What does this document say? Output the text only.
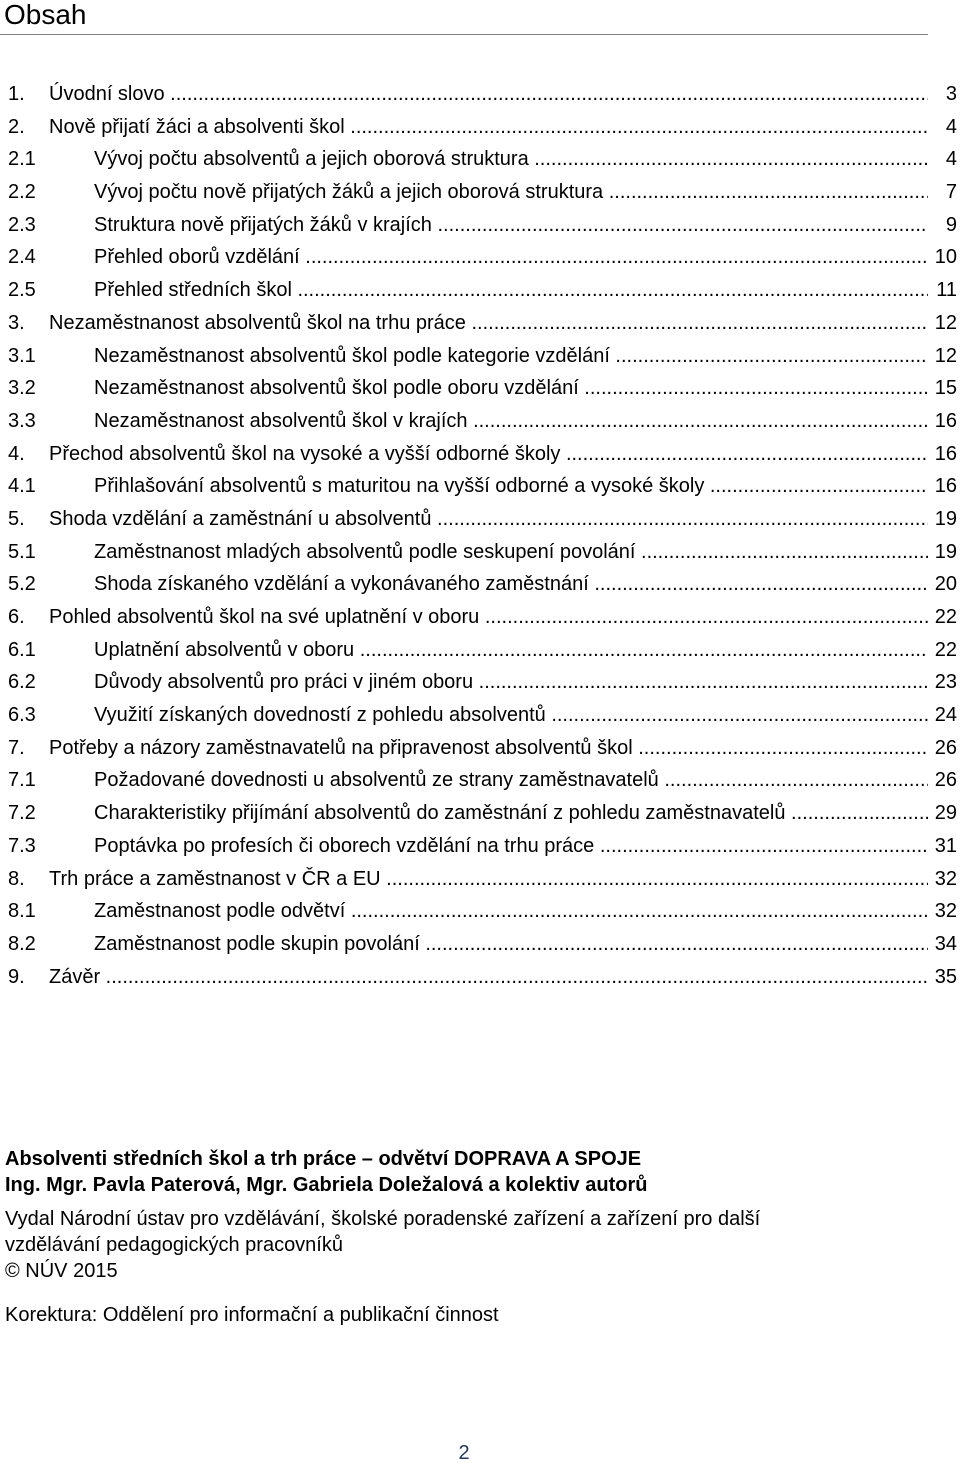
Obsah
1. Úvodní slovo .....	3
2. Nově přijatí žáci a absolventi škol .....	4
2.1	Vývoj počtu absolventů a jejich oborová struktura .....	4
2.2	Vývoj počtu nově přijatých žáků a jejich oborová struktura .....	7
2.3	Struktura nově přijatých žáků v krajích .....	9
2.4	Přehled oborů vzdělání .....	10
2.5	Přehled středních škol .....	11
3. Nezaměstnanost absolventů škol na trhu práce .....	12
3.1	Nezaměstnanost absolventů škol podle kategorie vzdělání .....	12
3.2	Nezaměstnanost absolventů škol podle oboru vzdělání .....	15
3.3	Nezaměstnanost absolventů škol v krajích .....	16
4. Přechod absolventů škol na vysoké a vyšší odborné školy .....	16
4.1	Přihlašování absolventů s maturitou na vyšší odborné a vysoké školy .....	16
5. Shoda vzdělání a zaměstnání u absolventů .....	19
5.1	Zaměstnanost mladých absolventů podle seskupení povolání .....	19
5.2	Shoda získaného vzdělání a vykonávaného zaměstnání .....	20
6. Pohled absolventů škol na své uplatnění v oboru .....	22
6.1	Uplatnění absolventů v oboru .....	22
6.2	Důvody absolventů pro práci v jiném oboru .....	23
6.3	Využití získaných dovedností z pohledu absolventů .....	24
7. Potřeby a názory zaměstnavatelů na připravenost absolventů škol .....	26
7.1	Požadované dovednosti u absolventů ze strany zaměstnavatelů .....	26
7.2	Charakteristiky přijímání absolventů do zaměstnání z pohledu zaměstnavatelů .....	29
7.3	Poptávka po profesích či oborech vzdělání na trhu práce .....	31
8. Trh práce a zaměstnanost v ČR a EU .....	32
8.1	Zaměstnanost podle odvětví .....	32
8.2	Zaměstnanost podle skupin povolání .....	34
9. Závěr .....	35
Absolventi středních škol a trh práce – odvětví DOPRAVA A SPOJE
Ing. Mgr. Pavla Paterová, Mgr. Gabriela Doležalová a kolektiv autorů
Vydal Národní ústav pro vzdělávání, školské poradenské zařízení a zařízení pro další
vzdělávání pedagogických pracovníků
© NÚV 2015
Korektura: Oddělení pro informační a publikační činnost
2
